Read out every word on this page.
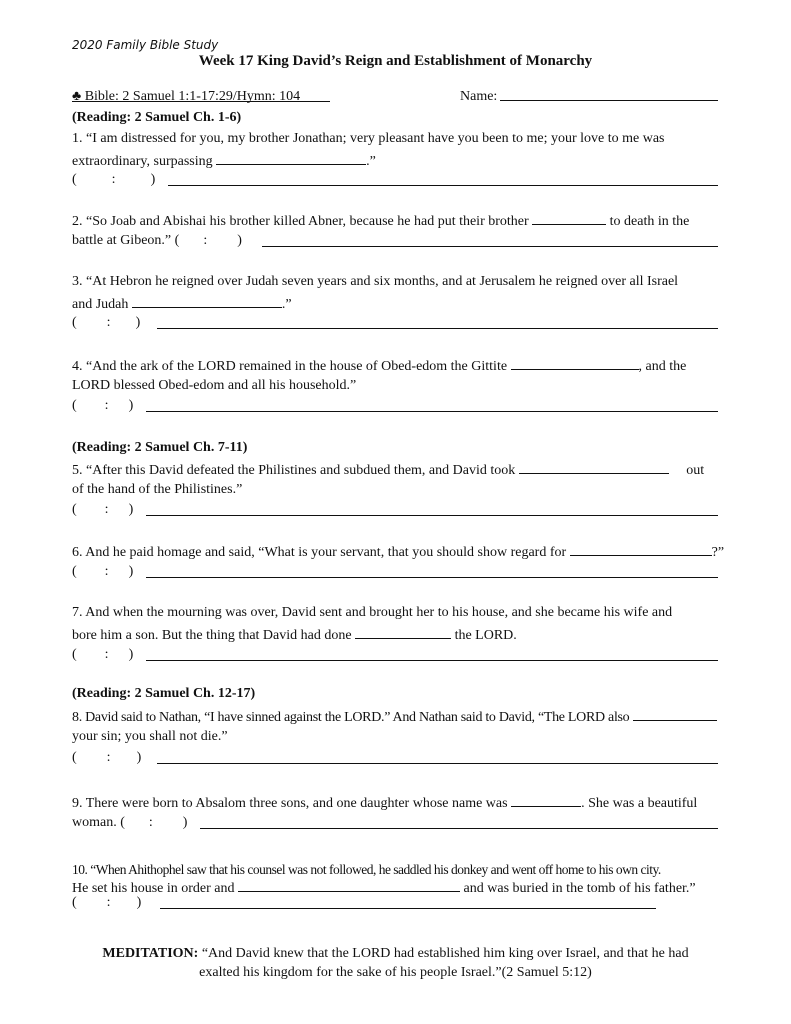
2020 Family Bible Study
Week 17 King David’s Reign and Establishment of Monarchy
♣ Bible: 2 Samuel 1:1-17:29/Hymn: 104	Name:
(Reading: 2 Samuel Ch. 1-6)
1. “I am distressed for you, my brother Jonathan; very pleasant have you been to me; your love to me was
extraordinary, surpassing	.”
(	:	)
2. “So Joab and Abishai his brother killed Abner, because he had put their brother	to death in the
battle at Gibeon.” ( : )
3. “At Hebron he reigned over Judah seven years and six months, and at Jerusalem he reigned over all Israel
and Judah	.”
( : )
4. “And the ark of the LORD remained in the house of Obed-edom the Gittite	, and the
LORD blessed Obed-edom and all his household.”
( : )
(Reading: 2 Samuel Ch. 7-11)
5. “After this David defeated the Philistines and subdued them, and David took	out
of the hand of the Philistines.”
( : )
6. And he paid homage and said, “What is your servant, that you should show regard for	?”
( : )
7. And when the mourning was over, David sent and brought her to his house, and she became his wife and
bore him a son. But the thing that David had done	the LORD.
( : )
(Reading: 2 Samuel Ch. 12-17)
8. David said to Nathan, “I have sinned against the LORD.” And Nathan said to David, “The LORD also
your sin; you shall not die.”
( : )
9. There were born to Absalom three sons, and one daughter whose name was	. She was a beautiful
woman. ( : )
10. “When Ahithophel saw that his counsel was not followed, he saddled his donkey and went off home to his own city.
He set his house in order and	and was buried in the tomb of his father.”
( : )
MEDITATION: “And David knew that the LORD had established him king over Israel, and that he had
exalted his kingdom for the sake of his people Israel.”(2 Samuel 5:12)
